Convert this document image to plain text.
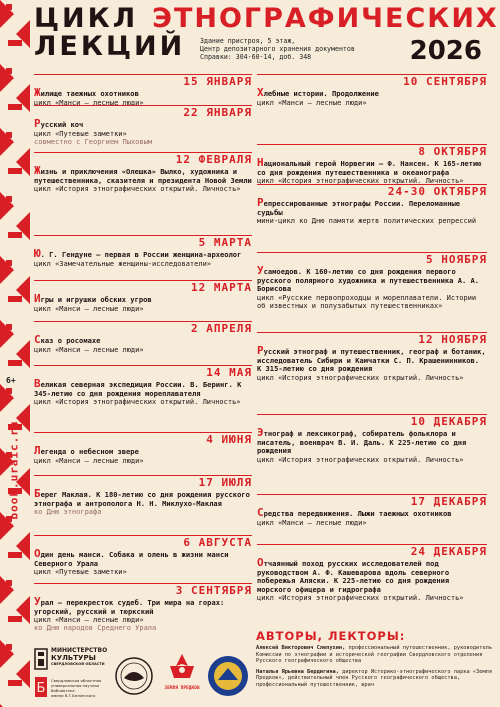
ЦИКЛ ЭТНОГРАФИЧЕСКИХ
ЛЕКЦИЙ Здание пристроя, 5 этаж,
Центр депозитарного хранения документов
Справки: 304-60-14, доб. 348	2026
6+
book.uraic.ru
15 ЯНВАРЯ
Жилище таежных охотников
цикл «Манси – лесные люди»
22 ЯНВАРЯ
Русский коч
цикл «Путевые заметки»
совместно с Георгием Пыховым
12 ФЕВРАЛЯ
Жизнь и приключения «Олешка» Вылко, художника и путешественника, сказителя и президента Новой Земли
цикл «История этнографических открытий. Личность»
5 МАРТА
Ю. Г. Гендуне – первая в России женщина-археолог
цикл «Замечательные женщины-исследователи»
12 МАРТА
Игры и игрушки обских угров
цикл «Манси – лесные люди»
2 АПРЕЛЯ
Сказ о росомахе
цикл «Манси – лесные люди»
14 МАЯ
Великая северная экспедиция России. В. Беринг. К 345-летию со дня рождения мореплавателя
цикл «История этнографических открытий. Личность»
4 ИЮНЯ
Легенда о небесном звере
цикл «Манси – лесные люди»
17 ИЮЛЯ
Берег Маклая. К 180-летию со дня рождения русского этнографа и антрополога Н. Н. Миклухо-Маклая
ко Дню этнографа
6 АВГУСТА
Один день манси. Собака и олень в жизни манси Северного Урала
цикл «Путевые заметки»
3 СЕНТЯБРЯ
Урал – перекресток судеб. Три мира на горах: угорский, русский и тюркский
цикл «Манси – лесные люди»
ко Дню народов Среднего Урала
10 СЕНТЯБРЯ
Хлебные истории. Продолжение
цикл «Манси – лесные люди»
8 ОКТЯБРЯ
Национальный герой Норвегии – Ф. Нансен. К 165-летию со дня рождения путешественника и океанографа
цикл «История этнографических открытий. Личность»
24-30 ОКТЯБРЯ
Репрессированные этнографы России. Переломанные судьбы
мини-цикл ко Дню памяти жертв политических репрессий
5 НОЯБРЯ
Усамоедов. К 160-летию со дня рождения первого русского полярного художника и путешественника А. А. Борисова
цикл «Русские первопроходцы и мореплаватели. Истории об известных и полузабытых путешественниках»
12 НОЯБРЯ
Русский этнограф и путешественник, географ и ботаник, исследователь Сибири и Камчатки С. П. Крашенинников. К 315-летию со дня рождения
цикл «История этнографических открытий. Личность»
10 ДЕКАБРЯ
Этнограф и лексикограф, собиратель фольклора и писатель, военврач В. И. Даль. К 225-летию со дня рождения
цикл «История этнографических открытий. Личность»
17 ДЕКАБРЯ
Средства передвижения. Лыжи таежных охотников
цикл «Манси – лесные люди»
24 ДЕКАБРЯ
Отчаянный поход русских исследователей под руководством А. Ф. Кашеварова вдоль северного побережья Аляски. К 225-летию со дня рождения морского офицера и гидрографа
цикл «История этнографических открытий. Личность»
АВТОРЫ, ЛЕКТОРЫ:
Алексей Викторович Слепухин, профессиональный путешественник, руководитель Комиссии по этнографии и исторической географии Свердловского отделения Русского географического общества
Наталья Ярьевна Бердигина, директор Историко-этнографического парка «Земля Предков», действительный член Русского географического общества, профессиональный путешественник, врач
МИНИСТЕРСТВО
КУЛЬТУРЫ
СВЕРДЛОВСКОЙ ОБЛАСТИ
Б
Свердловская областная
универсальная научная библиотека
имени В.Г.Белинского
ЗЕМЛЯ ПРЕДКОВ
